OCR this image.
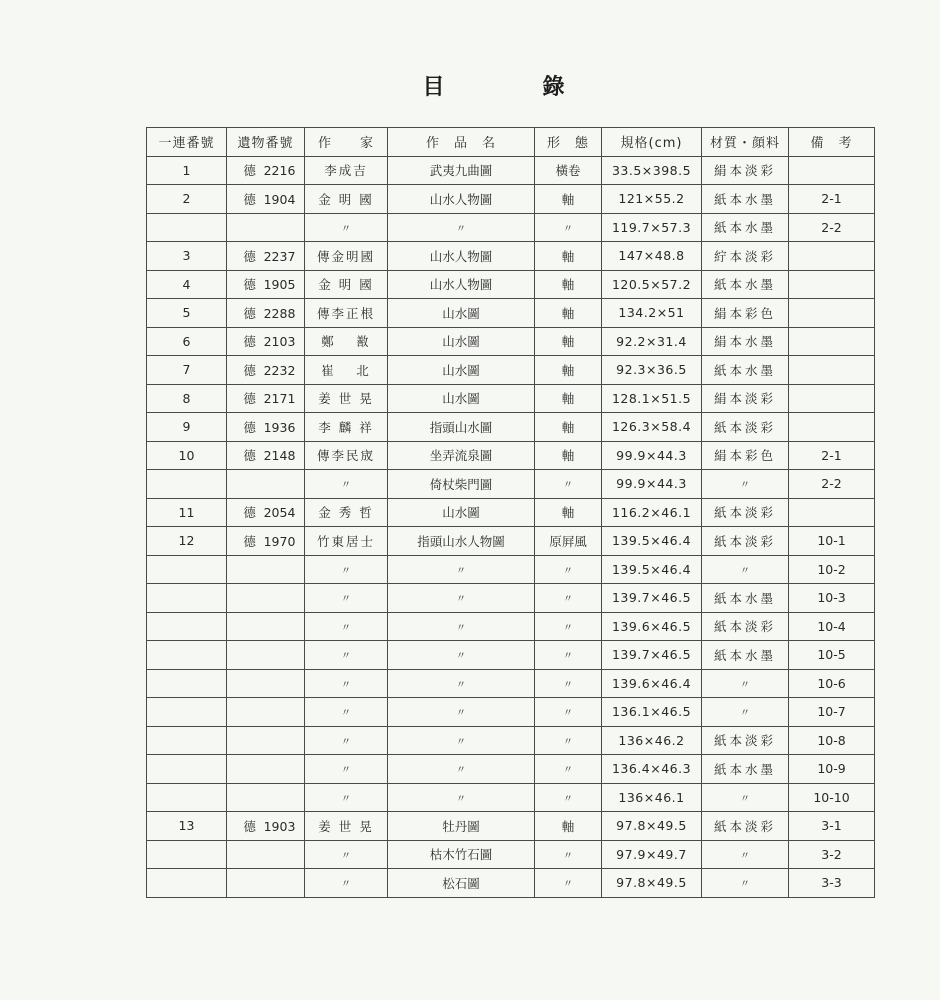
目　錄
一連番號	遺物番號	作　　家	作　品　名	形　態	規格(cm)	材質・顔料	備　考
1	德 2216	李成吉	武夷九曲圖	橫卷	33.5×398.5	絹本淡彩	
2	德 1904	金 明 國	山水人物圖	軸	121×55.2	紙本水墨	2-1
		〃	〃	〃	119.7×57.3	紙本水墨	2-2
3	德 2237	傳金明國	山水人物圖	軸	147×48.8	紵本淡彩	
4	德 1905	金 明 國	山水人物圖	軸	120.5×57.2	紙本水墨	
5	德 2288	傳李正根	山水圖	軸	134.2×51	絹本彩色	
6	德 2103	鄭　 敾	山水圖	軸	92.2×31.4	絹本水墨	
7	德 2232	崔　 北	山水圖	軸	92.3×36.5	紙本水墨	
8	德 2171	姜 世 晃	山水圖	軸	128.1×51.5	絹本淡彩	
9	德 1936	李 麟 祥	指頭山水圖	軸	126.3×58.4	紙本淡彩	
10	德 2148	傳李民宬	坐弄流泉圖	軸	99.9×44.3	絹本彩色	2-1
		〃	倚杖柴門圖	〃	99.9×44.3	〃	2-2
11	德 2054	金 秀 哲	山水圖	軸	116.2×46.1	紙本淡彩	
12	德 1970	竹東居士	指頭山水人物圖	原屛風	139.5×46.4	紙本淡彩	10-1
		〃	〃	〃	139.5×46.4	〃	10-2
		〃	〃	〃	139.7×46.5	紙本水墨	10-3
		〃	〃	〃	139.6×46.5	紙本淡彩	10-4
		〃	〃	〃	139.7×46.5	紙本水墨	10-5
		〃	〃	〃	139.6×46.4	〃	10-6
		〃	〃	〃	136.1×46.5	〃	10-7
		〃	〃	〃	136×46.2	紙本淡彩	10-8
		〃	〃	〃	136.4×46.3	紙本水墨	10-9
		〃	〃	〃	136×46.1	〃	10-10
13	德 1903	姜 世 晃	牡丹圖	軸	97.8×49.5	紙本淡彩	3-1
		〃	枯木竹石圖	〃	97.9×49.7	〃	3-2
		〃	松石圖	〃	97.8×49.5	〃	3-3
